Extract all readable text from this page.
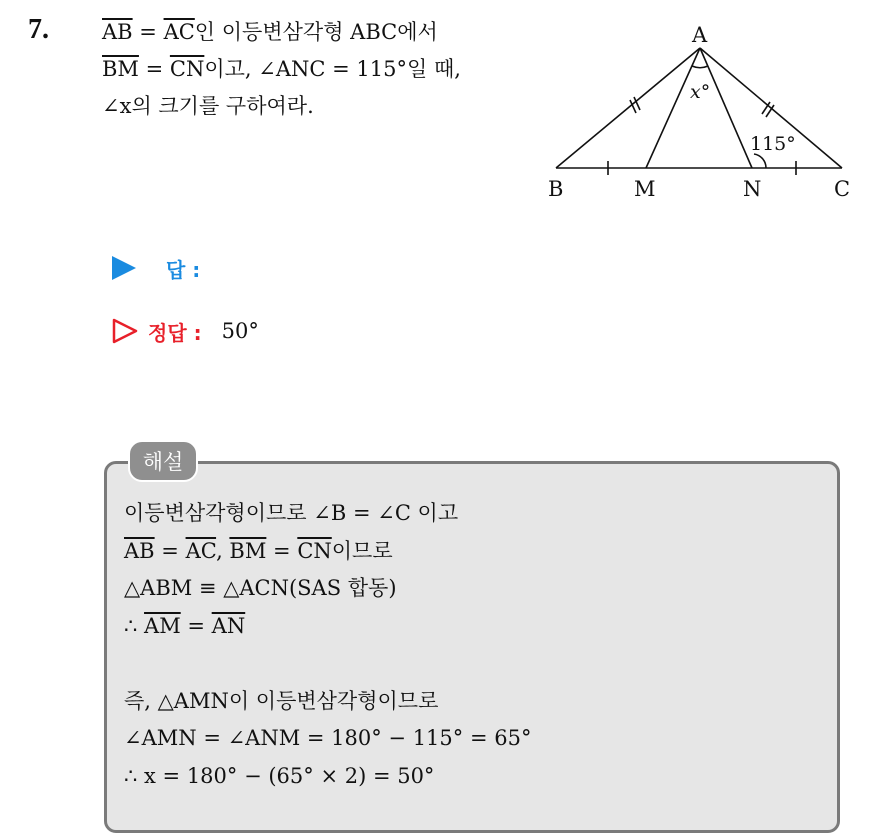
7.	$\overline{AB} = \overline{AC}$인 이등변삼각형 ABC에서
$\overline{BM} = \overline{CN}$이고, ∠ANC = 115°일 때,
∠x의 크기를 구하여라.
A
B	M	N	C
x°
115°
답 :
정답 : 50°
해설
이등변삼각형이므로 ∠B = ∠C 이고
$\overline{AB} = \overline{AC}$, $\overline{BM} = \overline{CN}$이므로
△ABM ≡ △ACN(SAS 합동)
∴ $\overline{AM} = \overline{AN}$
즉, △AMN이 이등변삼각형이므로
∠AMN = ∠ANM = 180° − 115° = 65°
∴ x = 180° − (65° × 2) = 50°
